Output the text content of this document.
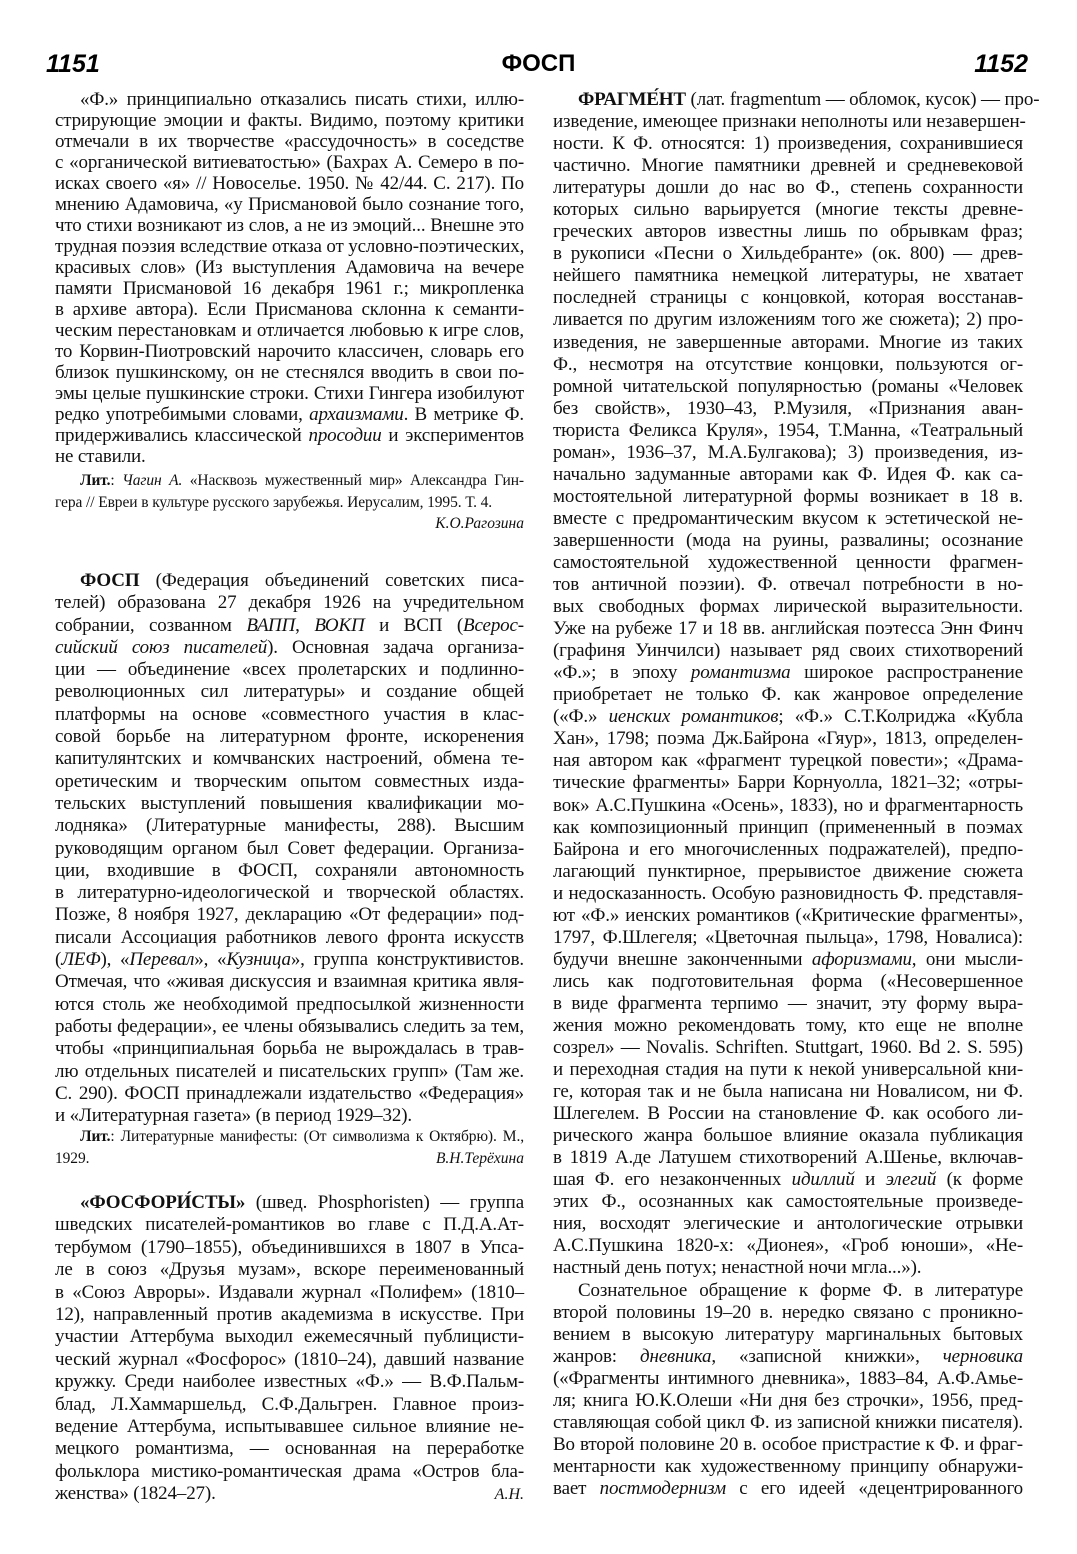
1151	ФОСП	1152
«Ф.» принципиально отказались писать стихи, иллю-
стрирующие эмоции и факты. Видимо, поэтому критики
отмечали в их творчестве «рассудочность» в соседстве
с «органической витиеватостью» (Бахрах А. Семеро в по-
исках своего «я» // Новоселье. 1950. № 42/44. С. 217). По
мнению Адамовича, «у Присмановой было сознание того,
что стихи возникают из слов, а не из эмоций... Внешне это
трудная поэзия вследствие отказа от условно-поэтических,
красивых слов» (Из выступления Адамовича на вечере
памяти Присмановой 16 декабря 1961 г.; микропленка
в архиве автора). Если Присманова склонна к семанти-
ческим перестановкам и отличается любовью к игре слов,
то Корвин-Пиотровский нарочито классичен, словарь его
близок пушкинскому, он не стеснялся вводить в свои по-
эмы целые пушкинские строки. Стихи Гингера изобилуют
редко употребимыми словами, архаизмами. В метрике Ф.
придерживались классической просодии и экспериментов
не ставили.
Лит.: Чагин А. «Насквозь мужественный мир» Александра Гин-
гера // Евреи в культуре русского зарубежья. Иерусалим, 1995. Т. 4.
ФОСП (Федерация объединений советских писа-
телей) образована 27 декабря 1926 на учредительном
собрании, созванном ВАПП, ВОКП и ВСП (Всерос-
сийский союз писателей). Основная задача организа-
ции — объединение «всех пролетарских и подлинно-
революционных сил литературы» и создание общей
платформы на основе «совместного участия в клас-
совой борьбе на литературном фронте, искоренения
капитулянтских и комчванских настроений, обмена те-
оретическим и творческим опытом совместных изда-
тельских выступлений повышения квалификации мо-
лодняка» (Литературные манифесты, 288). Высшим
руководящим органом был Совет федерации. Организа-
ции, входившие в ФОСП, сохраняли автономность
в литературно-идеологической и творческой областях.
Позже, 8 ноября 1927, декларацию «От федерации» под-
писали Ассоциация работников левого фронта искусств
(ЛЕФ), «Перевал», «Кузница», группа конструктивистов.
Отмечая, что «живая дискуссия и взаимная критика явля-
ются столь же необходимой предпосылкой жизненности
работы федерации», ее члены обязывались следить за тем,
чтобы «принципиальная борьба не вырождалась в трав-
лю отдельных писателей и писательских групп» (Там же.
С. 290). ФОСП принадлежали издательство «Федерация»
и «Литературная газета» (в период 1929–32).
Лит.: Литературные манифесты: (От символизма к Октябрю). М.,
1929.
«ФОСФОРИ́СТЫ» (швед. Phosphoristen) — группа
шведских писателей-романтиков во главе с П.Д.А.Ат-
тербумом (1790–1855), объединившихся в 1807 в Упса-
ле в союз «Друзья музам», вскоре переименованный
в «Союз Авроры». Издавали журнал «Полифем» (1810–
12), направленный против академизма в искусстве. При
участии Аттербума выходил ежемесячный публицисти-
ческий журнал «Фосфорос» (1810–24), давший название
кружку. Среди наиболее известных «Ф.» — В.Ф.Пальм-
блад, Л.Хаммаршельд, С.Ф.Дальгрен. Главное произ-
ведение Аттербума, испытывавшее сильное влияние не-
мецкого романтизма, — основанная на переработке
фольклора мистико-романтическая драма «Остров бла-
женства» (1824–27).
ФРАГМЕ́НТ (лат. fragmentum — обломок, кусок) — про-
изведение, имеющее признаки неполноты или незавершен-
ности. К Ф. относятся: 1) произведения, сохранившиеся
частично. Многие памятники древней и средневековой
литературы дошли до нас во Ф., степень сохранности
которых сильно варьируется (многие тексты древне-
греческих авторов известны лишь по обрывкам фраз;
в рукописи «Песни о Хильдебранте» (ок. 800) — древ-
нейшего памятника немецкой литературы, не хватает
последней страницы с концовкой, которая восстанав-
ливается по другим изложениям того же сюжета); 2) про-
изведения, не завершенные авторами. Многие из таких
Ф., несмотря на отсутствие концовки, пользуются ог-
ромной читательской популярностью (романы «Человек
без свойств», 1930–43, Р.Музиля, «Признания аван-
тюриста Феликса Круля», 1954, Т.Манна, «Театральный
роман», 1936–37, М.А.Булгакова); 3) произведения, из-
начально задуманные авторами как Ф. Идея Ф. как са-
мостоятельной литературной формы возникает в 18 в.
вместе с предромантическим вкусом к эстетической не-
завершенности (мода на руины, развалины; осознание
самостоятельной художественной ценности фрагмен-
тов античной поэзии). Ф. отвечал потребности в но-
вых свободных формах лирической выразительности.
Уже на рубеже 17 и 18 вв. английская поэтесса Энн Финч
(графиня Уинчилси) называет ряд своих стихотворений
«Ф.»; в эпоху романтизма широкое распространение
приобретает не только Ф. как жанровое определение
(«Ф.» иенских романтиков; «Ф.» С.Т.Колриджа «Кубла
Хан», 1798; поэма Дж.Байрона «Гяур», 1813, определен-
ная автором как «фрагмент турецкой повести»; «Драма-
тические фрагменты» Барри Корнуолла, 1821–32; «отры-
вок» А.С.Пушкина «Осень», 1833), но и фрагментарность
как композиционный принцип (примененный в поэмах
Байрона и его многочисленных подражателей), предпо-
лагающий пунктирное, прерывистое движение сюжета
и недосказанность. Особую разновидность Ф. представля-
ют «Ф.» иенских романтиков («Критические фрагменты»,
1797, Ф.Шлегеля; «Цветочная пыльца», 1798, Новалиса):
будучи внешне законченными афоризмами, они мысли-
лись как подготовительная форма («Несовершенное
в виде фрагмента терпимо — значит, эту форму выра-
жения можно рекомендовать тому, кто еще не вполне
созрел» — Novalis. Schriften. Stuttgart, 1960. Bd 2. S. 595)
и переходная стадия на пути к некой универсальной кни-
ге, которая так и не была написана ни Новалисом, ни Ф.
Шлегелем. В России на становление Ф. как особого ли-
рического жанра большое влияние оказала публикация
в 1819 А.де Латушем стихотворений А.Шенье, включав-
шая Ф. его незаконченных идиллий и элегий (к форме
этих Ф., осознанных как самостоятельные произведе-
ния, восходят элегические и антологические отрывки
А.С.Пушкина 1820-х: «Дионея», «Гроб юноши», «Не-
настный день потух; ненастной ночи мгла...»).
Сознательное обращение к форме Ф. в литературе
второй половины 19–20 в. нередко связано с проникно-
вением в высокую литературу маргинальных бытовых
жанров: дневника, «записной книжки», черновика
(«Фрагменты интимного дневника», 1883–84, А.Ф.Амье-
ля; книга Ю.К.Олеши «Ни дня без строчки», 1956, пред-
ставляющая собой цикл Ф. из записной книжки писателя).
Во второй половине 20 в. особое пристрастие к Ф. и фраг-
ментарности как художественному принципу обнаружи-
вает постмодернизм с его идеей «децентрированного
К.О.Рагозина
В.Н.Терёхина
А.Н.
